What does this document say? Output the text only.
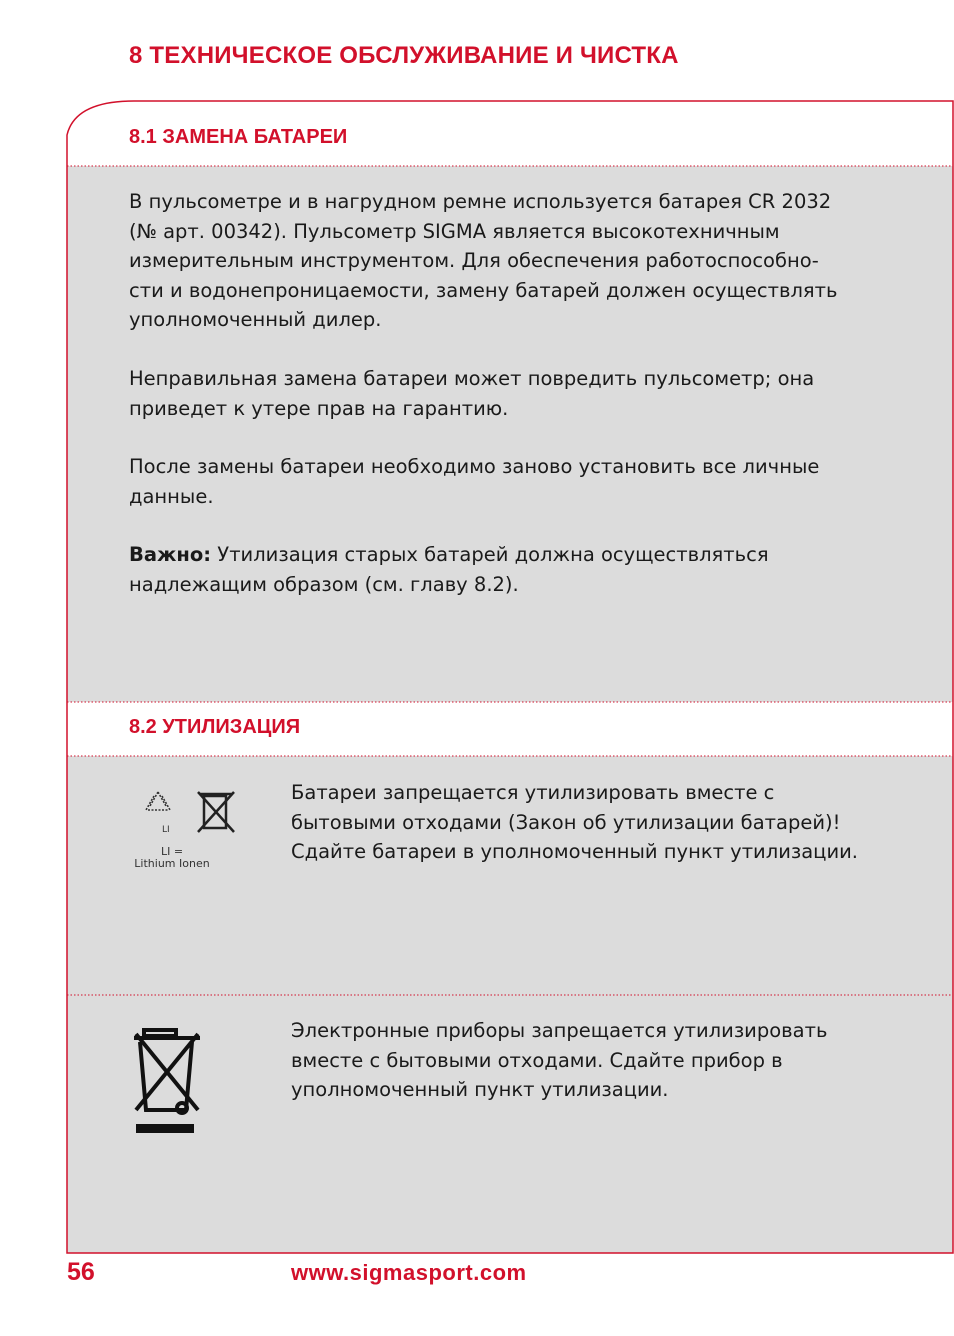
8 ТЕХНИЧЕСКОЕ ОБСЛУЖИВАНИЕ И ЧИСТКА
8.1 ЗАМЕНА БАТАРЕИ

В пульсометре и в нагрудном ремне используется батарея CR 2032
(№ арт. 00342). Пульсометр SIGMA является высокотехничным
измерительным инструментом. Для обеспечения работоспособно-
сти и водонепроницаемости, замену батарей должен осуществлять
уполномоченный дилер.

Неправильная замена батареи может повредить пульсометр; она
приведет к утере прав на гарантию.

После замены батареи необходимо заново установить все личные
данные.

Важно: Утилизация старых батарей должна осуществляться
надлежащим образом (см. главу 8.2).

8.2 УТИЛИЗАЦИЯ
LI
LI =
Lithium Ionen

Батареи запрещается утилизировать вместе с
бытовыми отходами (Закон об утилизации батарей)!
Сдайте батареи в уполномоченный пункт утилизации.

Электронные приборы запрещается утилизировать
вместе с бытовыми отходами. Сдайте прибор в
уполномоченный пункт утилизации.

56	www.sigmasport.com
